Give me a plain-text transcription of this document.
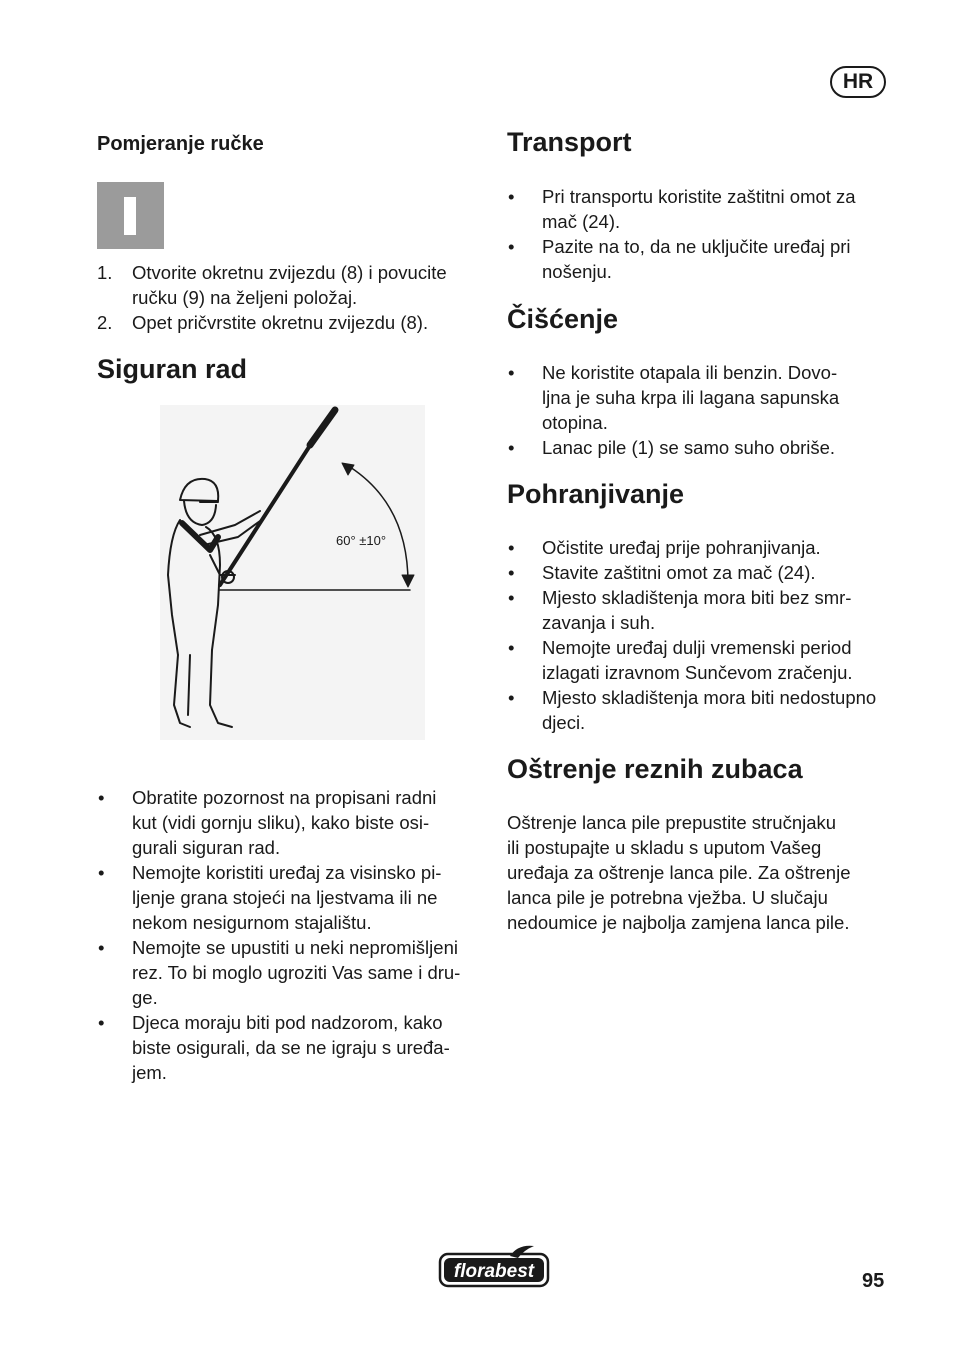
HR
Pomjeranje ručke
1. Otvorite okretnu zvijezdu (8) i povucite
ručku (9) na željeni položaj.
2. Opet pričvrstite okretnu zvijezdu (8).
Siguran rad
60° ±10°
• Obratite pozornost na propisani radni
kut (vidi gornju sliku), kako biste osi-
gurali siguran rad.
• Nemojte koristiti uređaj za visinsko pi-
ljenje grana stojeći na ljestvama ili ne
nekom nesigurnom stajalištu.
• Nemojte se upustiti u neki nepromišljeni
rez. To bi moglo ugroziti Vas same i dru-
ge.
• Djeca moraju biti pod nadzorom, kako
biste osigurali, da se ne igraju s uređa-
jem.
Transport
• Pri transportu koristite zaštitni omot za
mač (24).
• Pazite na to, da ne uključite uređaj pri
nošenju.
Čišćenje
• Ne koristite otapala ili benzin. Dovo-
ljna je suha krpa ili lagana sapunska
otopina.
• Lanac pile (1) se samo suho obriše.
Pohranjivanje
• Očistite uređaj prije pohranjivanja.
• Stavite zaštitni omot za mač (24).
• Mjesto skladištenja mora biti bez smr-
zavanja i suh.
• Nemojte uređaj dulji vremenski period
izlagati izravnom Sunčevom zračenju.
• Mjesto skladištenja mora biti nedostupno
djeci.
Oštrenje reznih zubaca
Oštrenje lanca pile prepustite stručnjaku
ili postupajte u skladu s uputom Vašeg
uređaja za oštrenje lanca pile. Za oštrenje
lanca pile je potrebna vježba. U slučaju
nedoumice je najbolja zamjena lanca pile.
florabest	95
